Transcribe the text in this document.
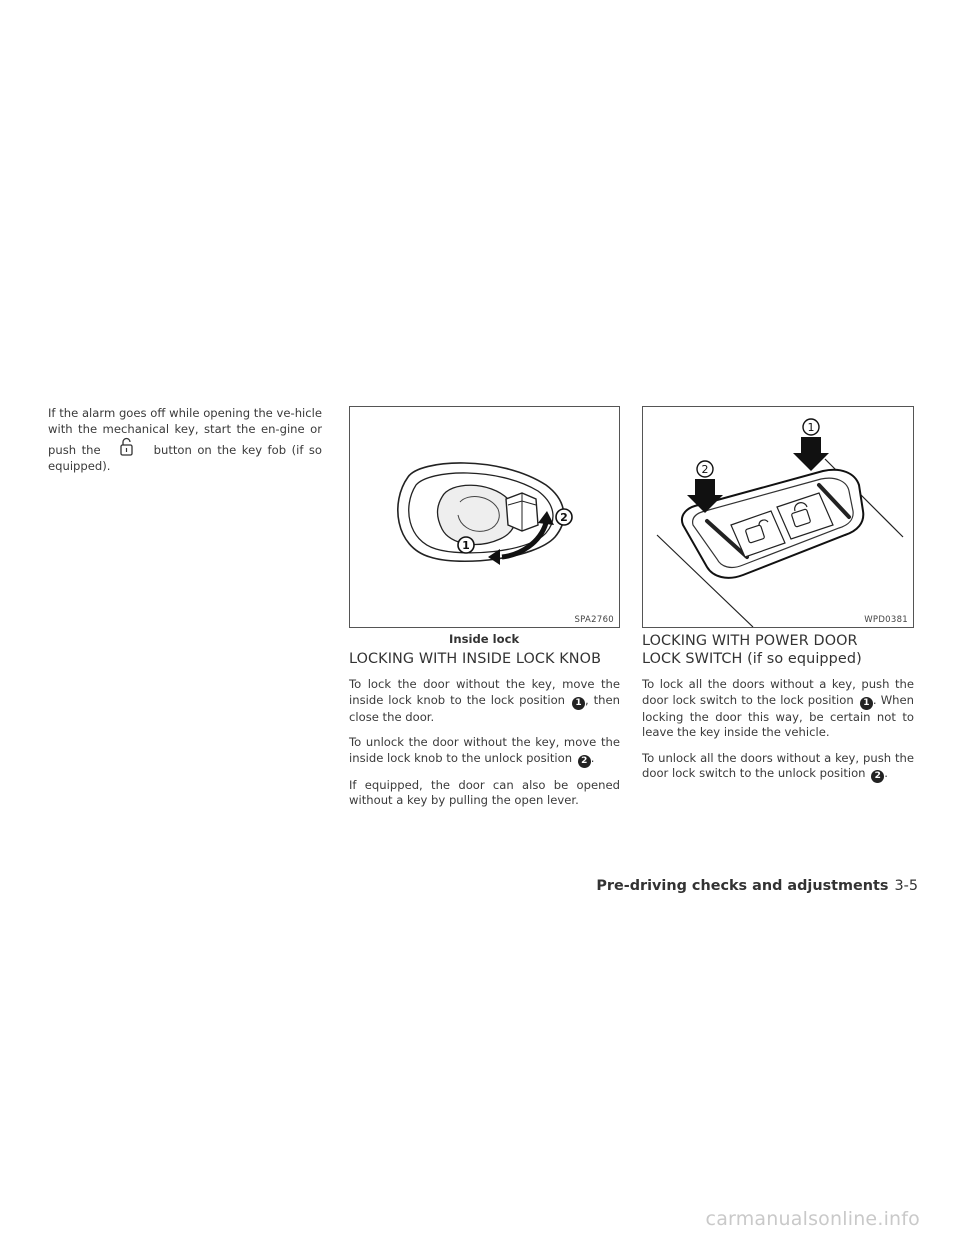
If the alarm goes off while opening the ve-hicle with the mechanical key, start the en-gine or push the	button on the key fob (if so equipped).

1
2
SPA2760
Inside lock
LOCKING WITH INSIDE LOCK KNOB

To lock the door without the key, move the inside lock knob to the lock position 1 , then close the door.

To unlock the door without the key, move the inside lock knob to the unlock position 2 .

If equipped, the door can also be opened without a key by pulling the open lever.

1
2
WPD0381
LOCKING WITH POWER DOOR
LOCK SWITCH (if so equipped)

To lock all the doors without a key, push the door lock switch to the lock position 1 . When locking the door this way, be certain not to leave the key inside the vehicle.

To unlock all the doors without a key, push the door lock switch to the unlock position 2 .

Pre-driving checks and adjustments 3-5
carmanualsonline.info
